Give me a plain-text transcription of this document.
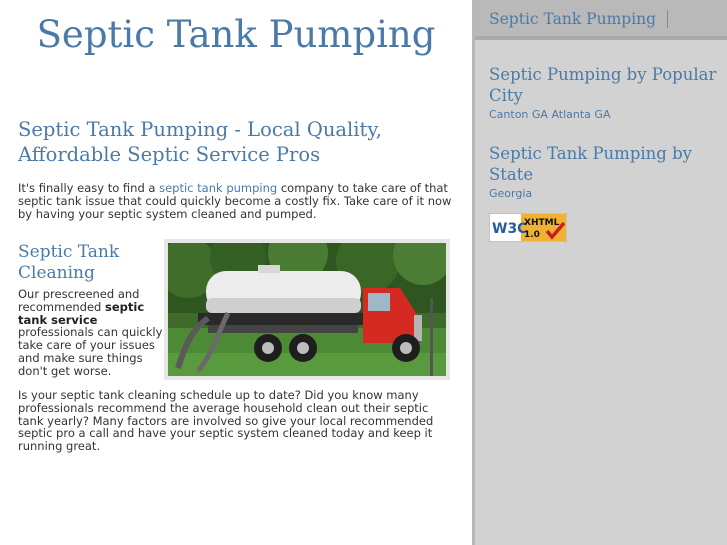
Septic Tank Pumping
Septic Tank Pumping - Local Quality, Affordable Septic Service Pros

It's finally easy to find a septic tank pumping company to take care of that septic tank issue that could quickly become a costly fix. Take care of it now by having your septic system cleaned and pumped.

Septic Tank Cleaning

Our prescreened and recommended septic tank service professionals can quickly take care of your issues and make sure things don't get worse.

Is your septic tank cleaning schedule up to date? Did you know many professionals recommend the average household clean out their septic tank yearly? Many factors are involved so give your local recommended septic pro a call and have your septic system cleaned today and keep it running great.

Septic Tank Pumping
Septic Pumping by Popular City
Canton GA Atlanta GA
Septic Tank Pumping by State
Georgia
W3C
XHTML
1.0
